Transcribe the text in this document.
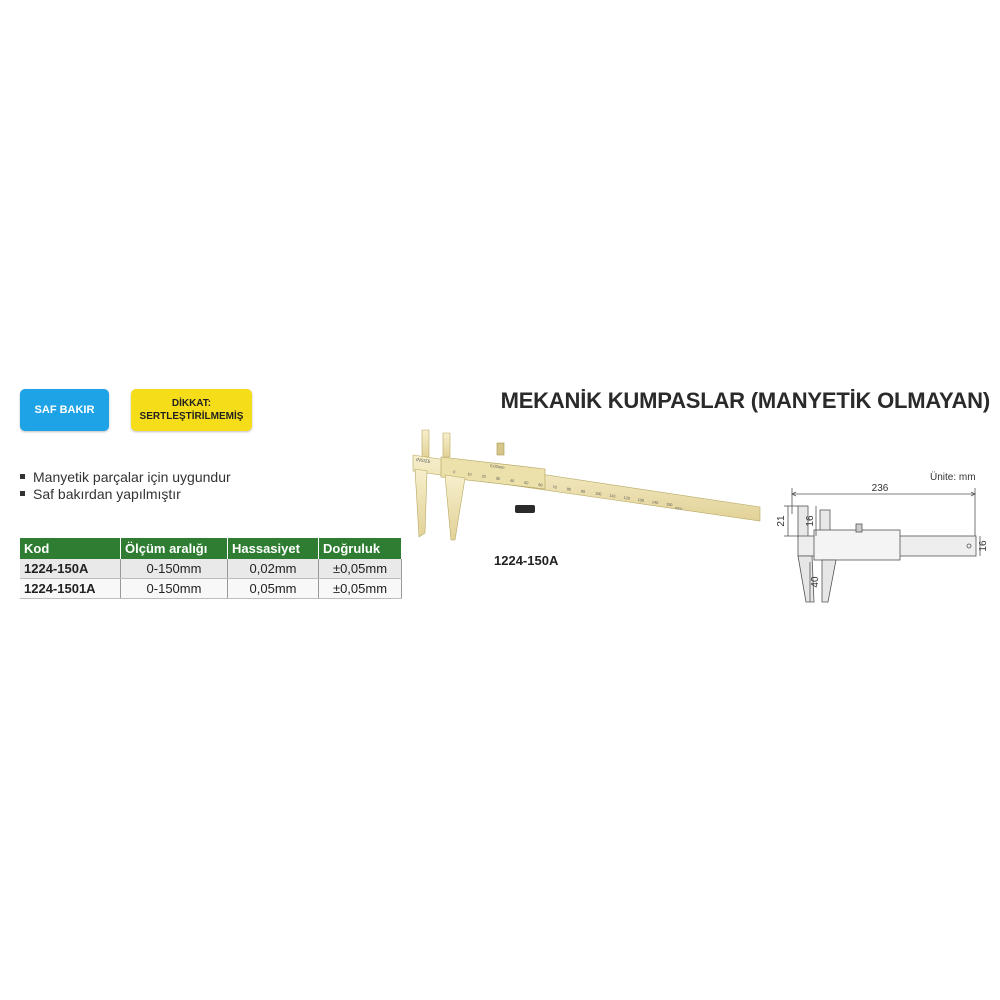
SAF BAKIR
DİKKAT:
SERTLEŞTİRİLMEMİŞ
MEKANİK KUMPASLAR (MANYETİK OLMAYAN)
Manyetik parçalar için uygundur
Saf bakırdan yapılmıştır
Kod	Ölçüm aralığı	Hassasiyet	Doğruluk
1224-150A	0-150mm	0,02mm	±0,05mm
1224-1501A	0-150mm	0,05mm	±0,05mm
INSIZE
0.02mm
0
10 20 30 40 50 60 70 80 90 100 110 120 130 140 150
mm
1224-150A
Ünite: mm
236
21 16
16
40
